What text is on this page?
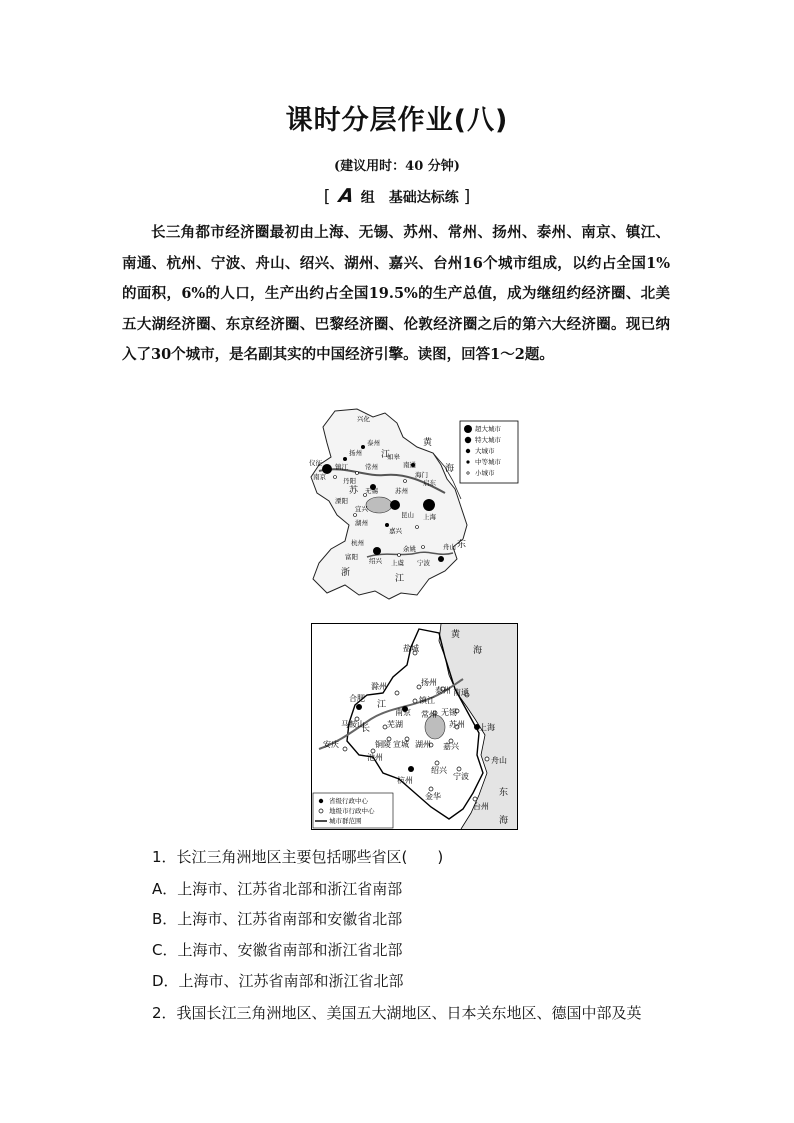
课时分层作业(八)
(建议用时：40 分钟)
[ A 组　基础达标练 ]

长三角都市经济圈最初由上海、无锡、苏州、常州、扬州、泰州、南京、镇江、南通、杭州、宁波、舟山、绍兴、湖州、嘉兴、台州16个城市组成，以约占全国1%的面积，6%的人口，生产出约占全国19.5%的生产总值，成为继纽约经济圈、北美五大湖经济圈、东京经济圈、巴黎经济圈、伦敦经济圈之后的第六大经济圈。现已纳入了30个城市，是名副其实的中国经济引擎。读图，回答1～2题。

兴化
泰州
扬州
仪征 镇江
南京
常州
丹阳
溧阳
宜兴
无锡	苏州
昆山 上海
南通
如皋
湖州
嘉兴
杭州
富阳 绍兴 上虞 宁波
舟山
余姚
海门
启东
黄
海
东
江
苏
浙
江
超大城市
特大城市
大城市
中等城市
小城市
盐城
滁州	扬州
泰州 南通
合肥	镇江
南京 常州 无锡
马鞍山	芜湖	苏州 上海
安庆
池州
铜陵 宣城 湖州 嘉兴
杭州
舟山
绍兴
宁波
金华
台州
黄
海
东
海
长
江
省级行政中心
地级市行政中心
城市群范围
1．长江三角洲地区主要包括哪些省区(　　)
A．上海市、江苏省北部和浙江省南部
B．上海市、江苏省南部和安徽省北部
C．上海市、安徽省南部和浙江省北部
D．上海市、江苏省南部和浙江省北部
2．我国长江三角洲地区、美国五大湖地区、日本关东地区、德国中部及英
